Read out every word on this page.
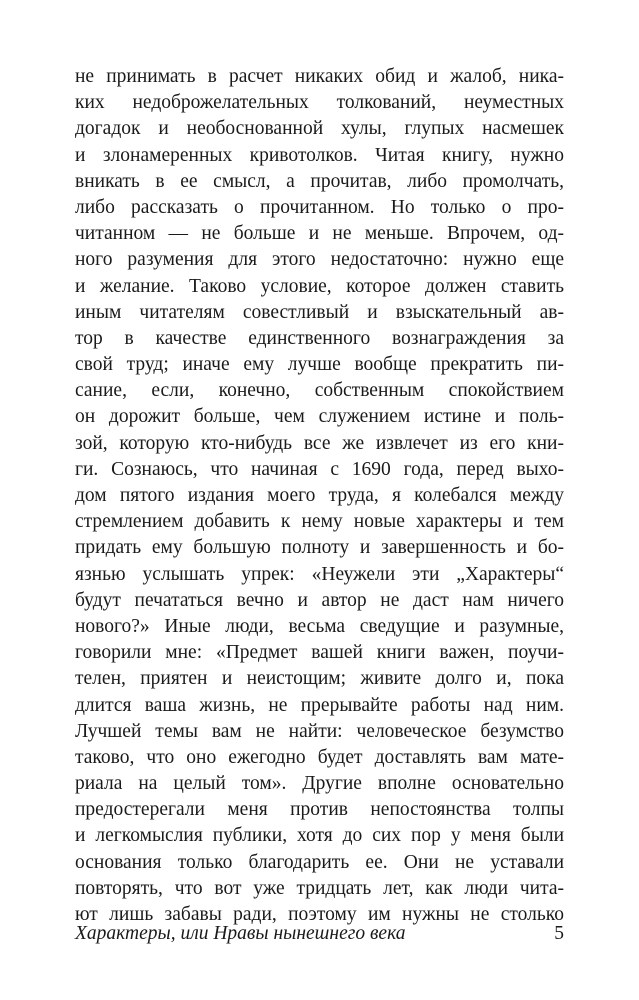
не принимать в расчет никаких обид и жалоб, ника-
ких недоброжелательных толкований, неуместных
догадок и необоснованной хулы, глупых насмешек
и злонамеренных кривотолков. Читая книгу, нужно
вникать в ее смысл, а прочитав, либо промолчать,
либо рассказать о прочитанном. Но только о про-
читанном — не больше и не меньше. Впрочем, од-
ного разумения для этого недостаточно: нужно еще
и желание. Таково условие, которое должен ставить
иным читателям совестливый и взыскательный ав-
тор в качестве единственного вознаграждения за
свой труд; иначе ему лучше вообще прекратить пи-
сание, если, конечно, собственным спокойствием
он дорожит больше, чем служением истине и поль-
зой, которую кто-нибудь все же извлечет из его кни-
ги. Сознаюсь, что начиная с 1690 года, перед выхо-
дом пятого издания моего труда, я колебался между
стремлением добавить к нему новые характеры и тем
придать ему большую полноту и завершенность и бо-
язнью услышать упрек: «Неужели эти „Характеры“
будут печататься вечно и автор не даст нам ничего
нового?» Иные люди, весьма сведущие и разумные,
говорили мне: «Предмет вашей книги важен, поучи-
телен, приятен и неистощим; живите долго и, пока
длится ваша жизнь, не прерывайте работы над ним.
Лучшей темы вам не найти: человеческое безумство
таково, что оно ежегодно будет доставлять вам мате-
риала на целый том». Другие вполне основательно
предостерегали меня против непостоянства толпы
и легкомыслия публики, хотя до сих пор у меня были
основания только благодарить ее. Они не уставали
повторять, что вот уже тридцать лет, как люди чита-
ют лишь забавы ради, поэтому им нужны не столько
Характеры, или Нравы нынешнего века	5
